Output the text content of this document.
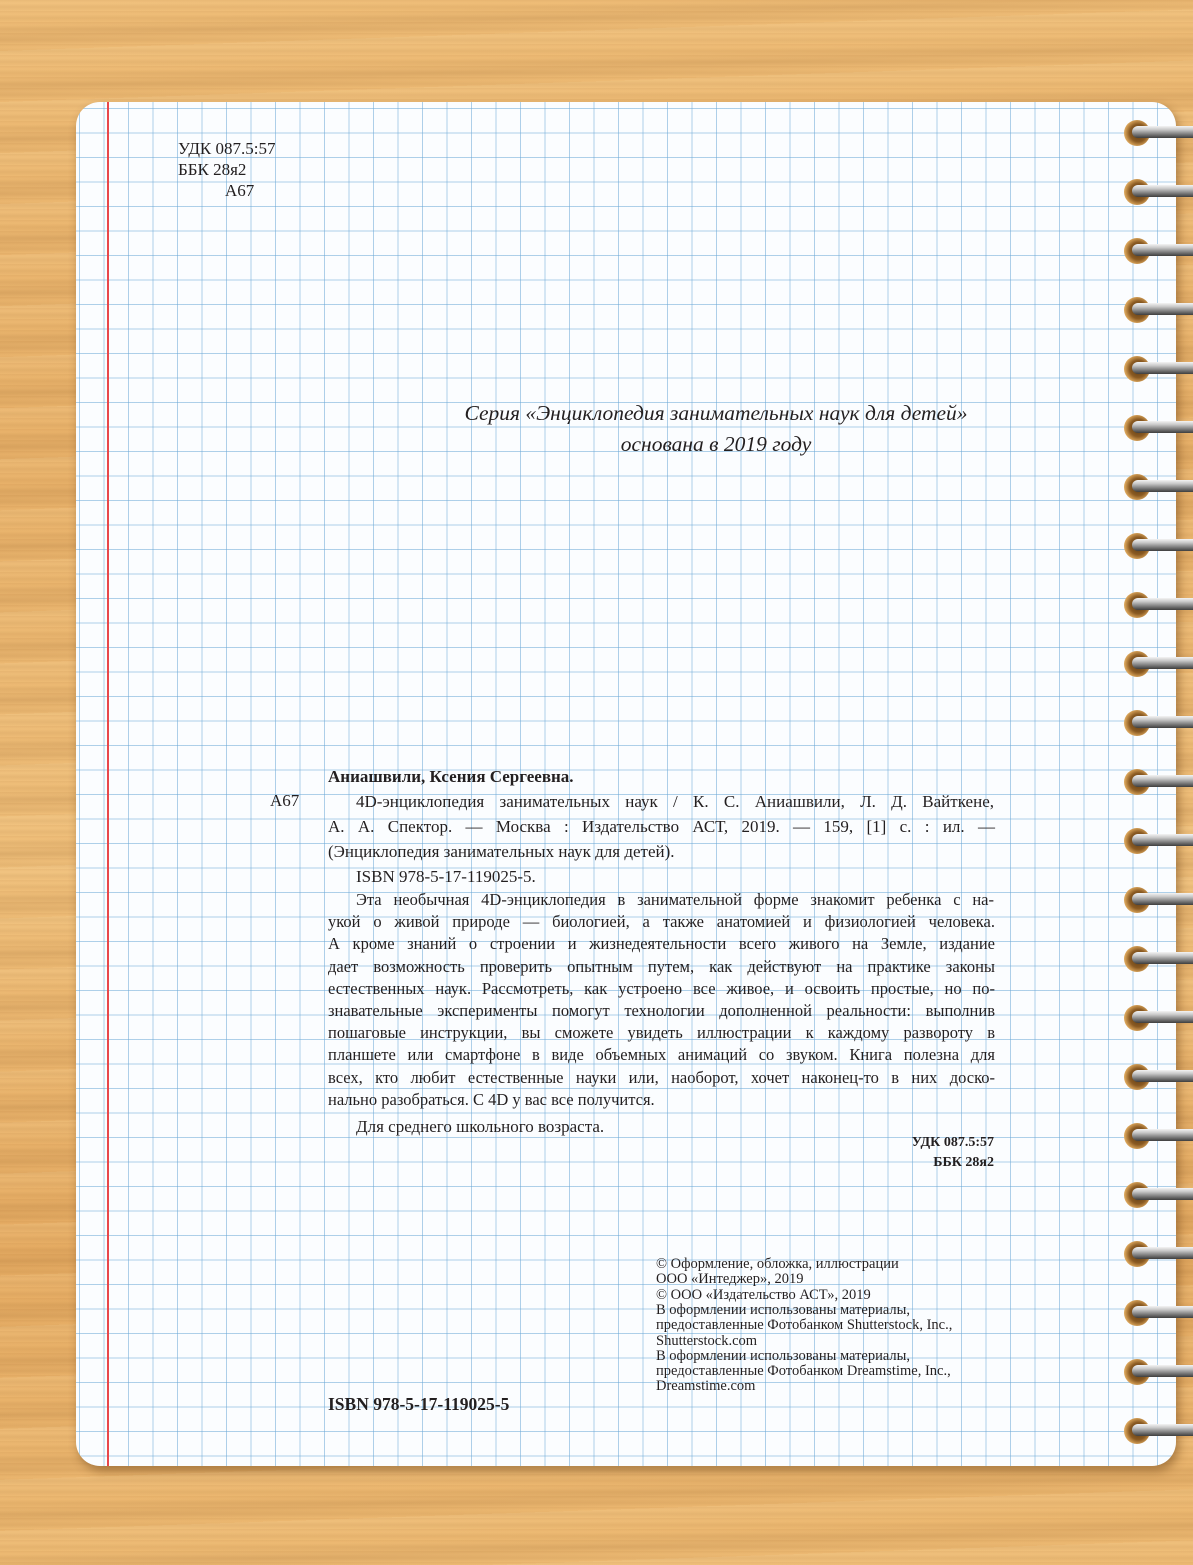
УДК 087.5:57
ББК 28я2
А67
Серия «Энциклопедия занимательных наук для детей»
основана в 2019 году
Аниашвили, Ксения Сергеевна.
А67	4D-энциклопедия занимательных наук / К. С. Аниашвили, Л. Д. Вайткене,
А. А. Спектор. — Москва : Издательство АСТ, 2019. — 159, [1] с. : ил. —
(Энциклопедия занимательных наук для детей).
ISBN 978-5-17-119025-5.
Эта необычная 4D-энциклопедия в занимательной форме знакомит ребенка с на-
укой о живой природе — биологией, а также анатомией и физиологией человека.
А кроме знаний о строении и жизнедеятельности всего живого на Земле, издание
дает возможность проверить опытным путем, как действуют на практике законы
естественных наук. Рассмотреть, как устроено все живое, и освоить простые, но по-
знавательные эксперименты помогут технологии дополненной реальности: выполнив
пошаговые инструкции, вы сможете увидеть иллюстрации к каждому развороту в
планшете или смартфоне в виде объемных анимаций со звуком. Книга полезна для
всех, кто любит естественные науки или, наоборот, хочет наконец-то в них доско-
нально разобраться. С 4D у вас все получится.
Для среднего школьного возраста.
УДК 087.5:57
ББК 28я2
© Оформление, обложка, иллюстрации
ООО «Интеджер», 2019
© ООО «Издательство АСТ», 2019
В оформлении использованы материалы,
предоставленные Фотобанком Shutterstock, Inc.,
Shutterstock.com
В оформлении использованы материалы,
предоставленные Фотобанком Dreamstime, Inc.,
Dreamstime.com
ISBN 978-5-17-119025-5
